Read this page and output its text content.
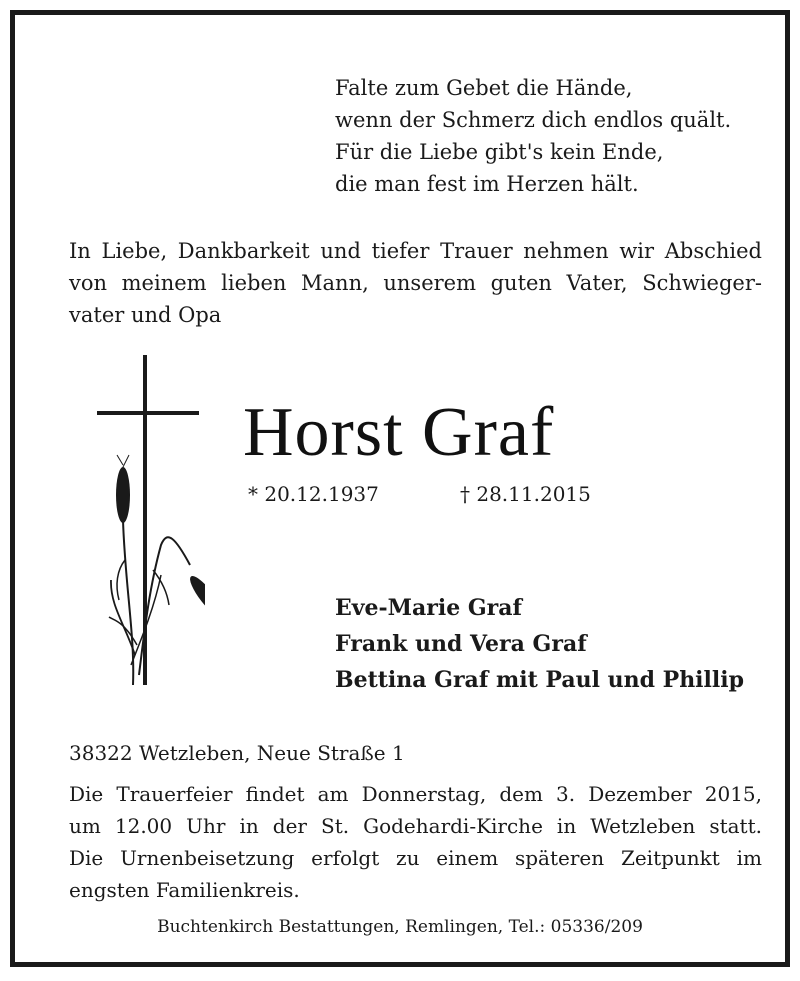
Falte zum Gebet die Hände,
wenn der Schmerz dich endlos quält.
Für die Liebe gibt's kein Ende,
die man fest im Herzen hält.
In Liebe, Dankbarkeit und tiefer Trauer nehmen wir Abschied
von meinem lieben Mann, unserem guten Vater, Schwieger-
vater und Opa
Horst Graf
* 20.12.1937	† 28.11.2015
Eve-Marie Graf
Frank und Vera Graf
Bettina Graf mit Paul und Phillip
38322 Wetzleben, Neue Straße 1
Die Trauerfeier findet am Donnerstag, dem 3. Dezember 2015,
um 12.00 Uhr in der St. Godehardi-Kirche in Wetzleben statt.
Die Urnenbeisetzung erfolgt zu einem späteren Zeitpunkt im
engsten Familienkreis.
Buchtenkirch Bestattungen, Remlingen, Tel.: 05336/209
